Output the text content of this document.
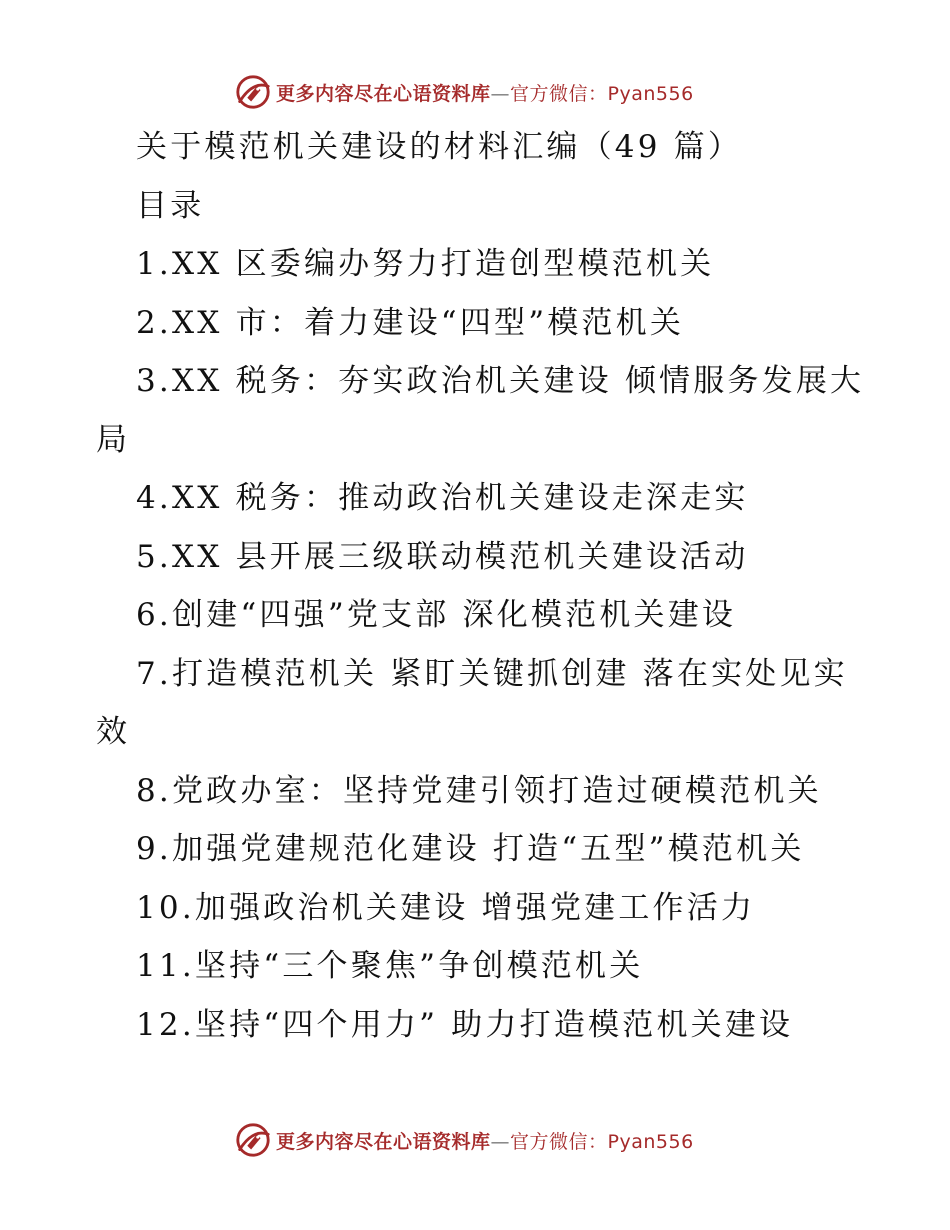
更多内容尽在心语资料库—官方微信：Pyan556
关于模范机关建设的材料汇编（49 篇）
目录
1.XX 区委编办努力打造创型模范机关
2.XX 市：着力建设“四型”模范机关
3.XX 税务：夯实政治机关建设 倾情服务发展大
局
4.XX 税务：推动政治机关建设走深走实
5.XX 县开展三级联动模范机关建设活动
6.创建“四强”党支部 深化模范机关建设
7.打造模范机关 紧盯关键抓创建 落在实处见实
效
8.党政办室：坚持党建引领打造过硬模范机关
9.加强党建规范化建设 打造“五型”模范机关
10.加强政治机关建设 增强党建工作活力
11.坚持“三个聚焦”争创模范机关
12.坚持“四个用力” 助力打造模范机关建设
更多内容尽在心语资料库—官方微信：Pyan556
